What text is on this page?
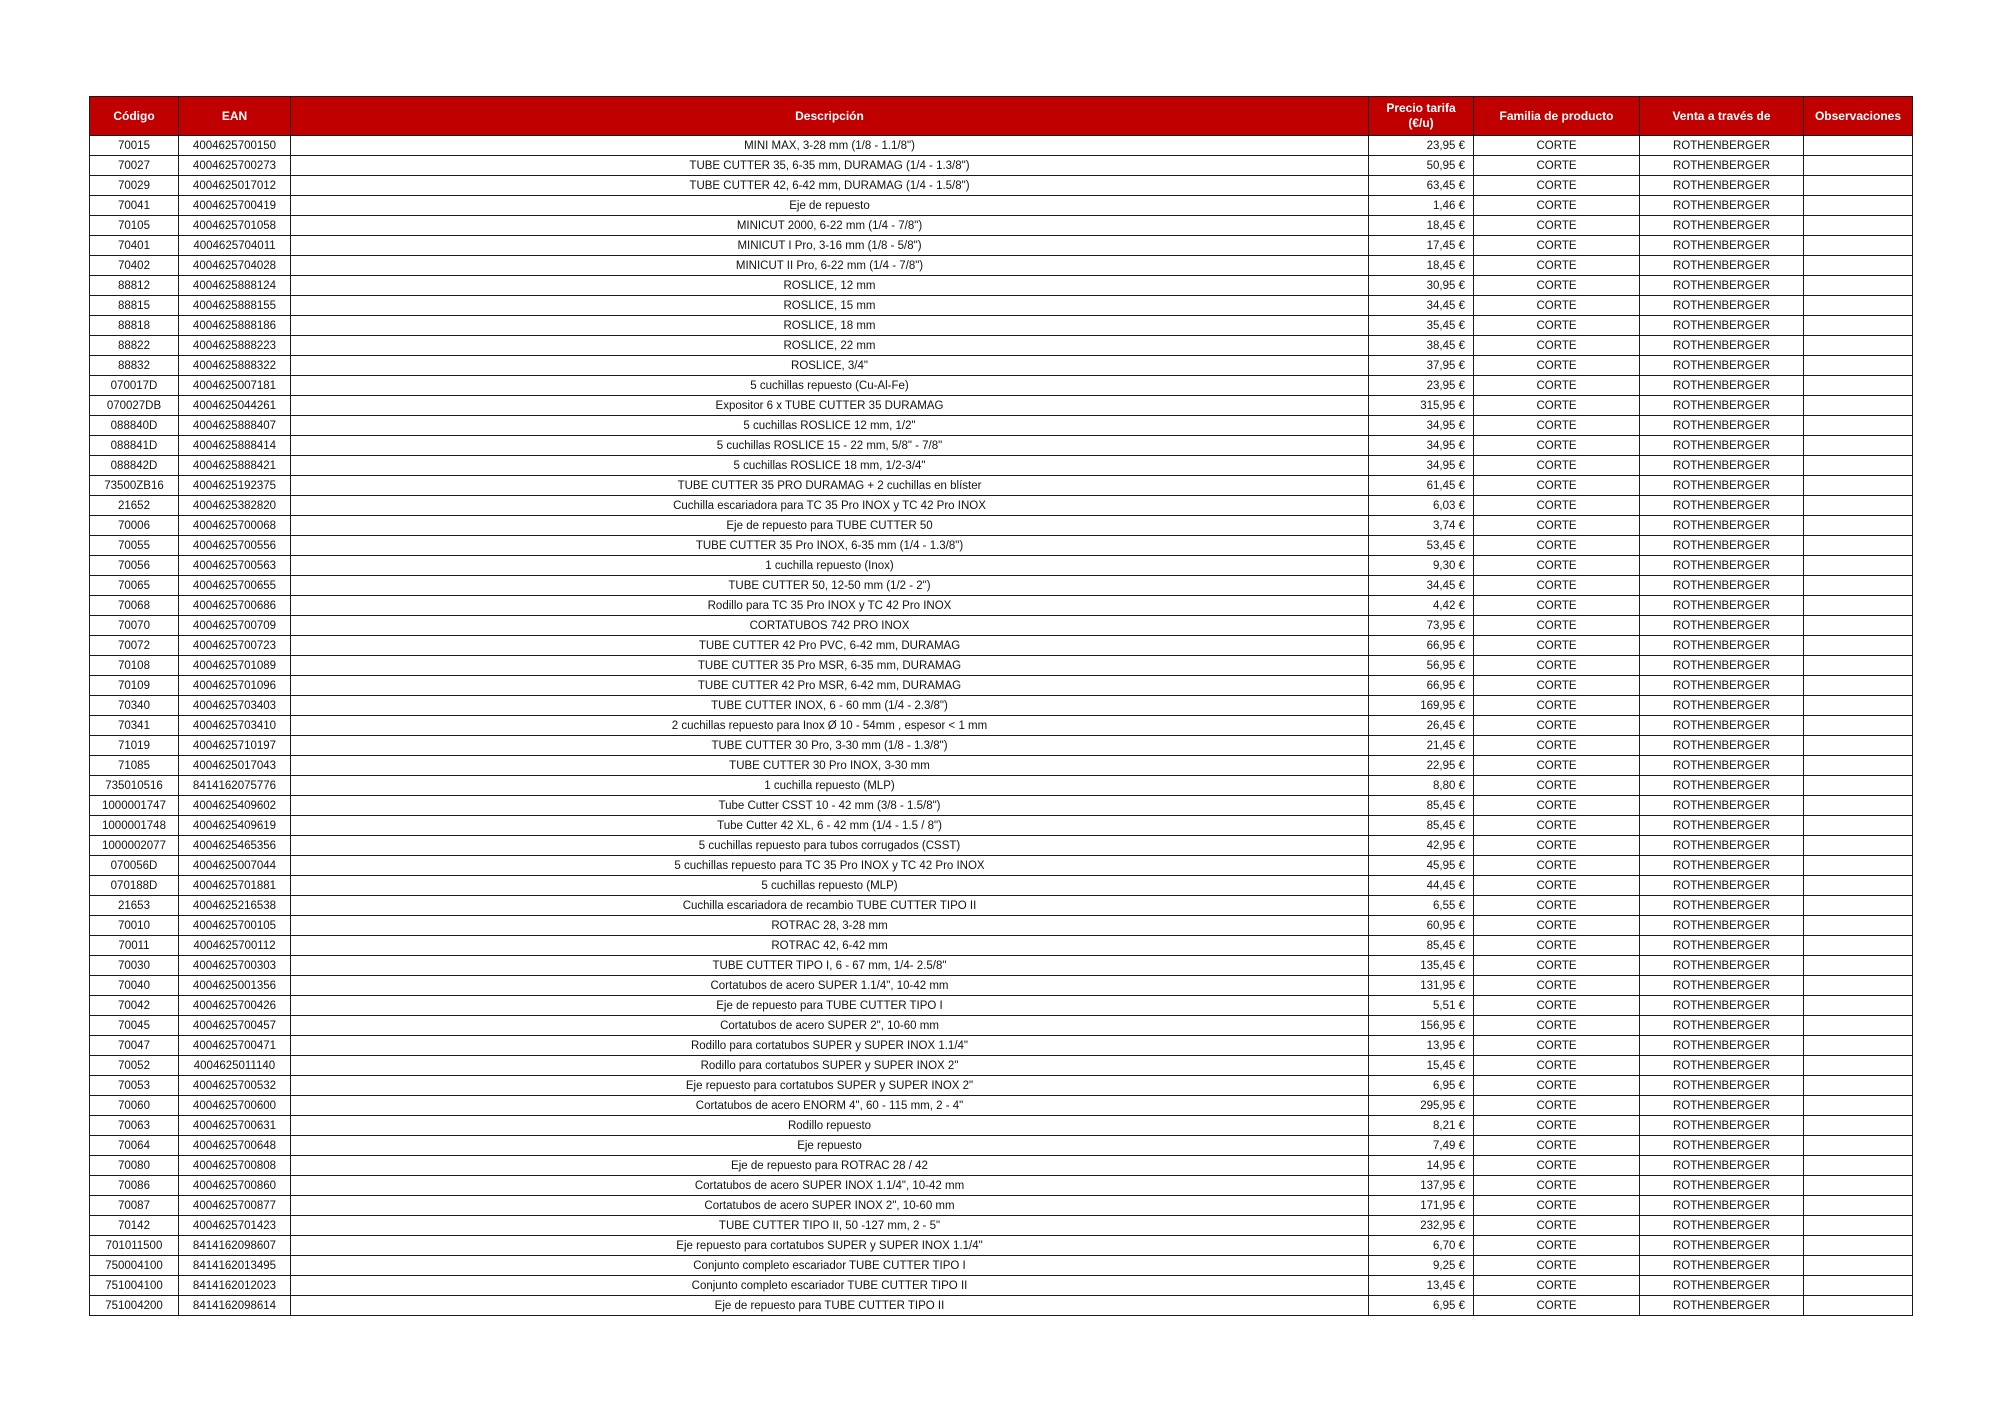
Código	EAN	Descripción	Precio tarifa (€/u)	Familia de producto	Venta a través de	Observaciones
70015	4004625700150	MINI MAX, 3-28 mm (1/8 - 1.1/8")	23,95 €	CORTE	ROTHENBERGER	
70027	4004625700273	TUBE CUTTER 35, 6-35 mm, DURAMAG (1/4 - 1.3/8")	50,95 €	CORTE	ROTHENBERGER	
70029	4004625017012	TUBE CUTTER 42, 6-42 mm, DURAMAG (1/4 - 1.5/8")	63,45 €	CORTE	ROTHENBERGER	
70041	4004625700419	Eje de repuesto	1,46 €	CORTE	ROTHENBERGER	
70105	4004625701058	MINICUT 2000, 6-22 mm (1/4 - 7/8")	18,45 €	CORTE	ROTHENBERGER	
70401	4004625704011	MINICUT I Pro, 3-16 mm (1/8 - 5/8")	17,45 €	CORTE	ROTHENBERGER	
70402	4004625704028	MINICUT II Pro, 6-22 mm (1/4 - 7/8")	18,45 €	CORTE	ROTHENBERGER	
88812	4004625888124	ROSLICE, 12 mm	30,95 €	CORTE	ROTHENBERGER	
88815	4004625888155	ROSLICE, 15 mm	34,45 €	CORTE	ROTHENBERGER	
88818	4004625888186	ROSLICE, 18 mm	35,45 €	CORTE	ROTHENBERGER	
88822	4004625888223	ROSLICE, 22 mm	38,45 €	CORTE	ROTHENBERGER	
88832	4004625888322	ROSLICE, 3/4"	37,95 €	CORTE	ROTHENBERGER	
070017D	4004625007181	5 cuchillas repuesto (Cu-Al-Fe)	23,95 €	CORTE	ROTHENBERGER	
070027DB	4004625044261	Expositor 6 x TUBE CUTTER 35 DURAMAG	315,95 €	CORTE	ROTHENBERGER	
088840D	4004625888407	5 cuchillas ROSLICE 12 mm, 1/2"	34,95 €	CORTE	ROTHENBERGER	
088841D	4004625888414	5 cuchillas ROSLICE 15 - 22 mm, 5/8" - 7/8"	34,95 €	CORTE	ROTHENBERGER	
088842D	4004625888421	5 cuchillas ROSLICE 18 mm, 1/2-3/4"	34,95 €	CORTE	ROTHENBERGER	
73500ZB16	4004625192375	TUBE CUTTER 35 PRO DURAMAG + 2 cuchillas en blíster	61,45 €	CORTE	ROTHENBERGER	
21652	4004625382820	Cuchilla escariadora para TC 35 Pro INOX y TC 42 Pro INOX	6,03 €	CORTE	ROTHENBERGER	
70006	4004625700068	Eje de repuesto para TUBE CUTTER 50	3,74 €	CORTE	ROTHENBERGER	
70055	4004625700556	TUBE CUTTER 35 Pro INOX, 6-35 mm (1/4 - 1.3/8")	53,45 €	CORTE	ROTHENBERGER	
70056	4004625700563	1 cuchilla repuesto (Inox)	9,30 €	CORTE	ROTHENBERGER	
70065	4004625700655	TUBE CUTTER 50, 12-50 mm (1/2 - 2")	34,45 €	CORTE	ROTHENBERGER	
70068	4004625700686	Rodillo para TC 35 Pro INOX y TC 42 Pro INOX	4,42 €	CORTE	ROTHENBERGER	
70070	4004625700709	CORTATUBOS 742 PRO INOX	73,95 €	CORTE	ROTHENBERGER	
70072	4004625700723	TUBE CUTTER 42 Pro PVC, 6-42 mm, DURAMAG	66,95 €	CORTE	ROTHENBERGER	
70108	4004625701089	TUBE CUTTER 35 Pro MSR, 6-35 mm, DURAMAG	56,95 €	CORTE	ROTHENBERGER	
70109	4004625701096	TUBE CUTTER 42 Pro MSR, 6-42 mm, DURAMAG	66,95 €	CORTE	ROTHENBERGER	
70340	4004625703403	TUBE CUTTER INOX, 6 - 60 mm (1/4 - 2.3/8")	169,95 €	CORTE	ROTHENBERGER	
70341	4004625703410	2 cuchillas repuesto para Inox Ø 10 - 54mm , espesor < 1 mm	26,45 €	CORTE	ROTHENBERGER	
71019	4004625710197	TUBE CUTTER 30 Pro, 3-30 mm (1/8 - 1.3/8")	21,45 €	CORTE	ROTHENBERGER	
71085	4004625017043	TUBE CUTTER 30 Pro INOX, 3-30 mm	22,95 €	CORTE	ROTHENBERGER	
735010516	8414162075776	1 cuchilla repuesto (MLP)	8,80 €	CORTE	ROTHENBERGER	
1000001747	4004625409602	Tube Cutter CSST 10 - 42 mm (3/8 - 1.5/8")	85,45 €	CORTE	ROTHENBERGER	
1000001748	4004625409619	Tube Cutter 42 XL, 6 - 42 mm (1/4 - 1.5 / 8")	85,45 €	CORTE	ROTHENBERGER	
1000002077	4004625465356	5 cuchillas repuesto para tubos corrugados (CSST)	42,95 €	CORTE	ROTHENBERGER	
070056D	4004625007044	5 cuchillas repuesto para TC 35 Pro INOX y TC 42 Pro INOX	45,95 €	CORTE	ROTHENBERGER	
070188D	4004625701881	5 cuchillas repuesto (MLP)	44,45 €	CORTE	ROTHENBERGER	
21653	4004625216538	Cuchilla escariadora de recambio TUBE CUTTER TIPO II	6,55 €	CORTE	ROTHENBERGER	
70010	4004625700105	ROTRAC 28, 3-28 mm	60,95 €	CORTE	ROTHENBERGER	
70011	4004625700112	ROTRAC 42, 6-42 mm	85,45 €	CORTE	ROTHENBERGER	
70030	4004625700303	TUBE CUTTER TIPO I, 6 - 67 mm, 1/4- 2.5/8"	135,45 €	CORTE	ROTHENBERGER	
70040	4004625001356	Cortatubos de acero SUPER 1.1/4", 10-42 mm	131,95 €	CORTE	ROTHENBERGER	
70042	4004625700426	Eje de repuesto para TUBE CUTTER TIPO I	5,51 €	CORTE	ROTHENBERGER	
70045	4004625700457	Cortatubos de acero SUPER 2", 10-60 mm	156,95 €	CORTE	ROTHENBERGER	
70047	4004625700471	Rodillo para cortatubos SUPER y SUPER INOX 1.1/4"	13,95 €	CORTE	ROTHENBERGER	
70052	4004625011140	Rodillo para cortatubos SUPER y SUPER INOX 2"	15,45 €	CORTE	ROTHENBERGER	
70053	4004625700532	Eje repuesto para cortatubos SUPER y SUPER INOX 2"	6,95 €	CORTE	ROTHENBERGER	
70060	4004625700600	Cortatubos de acero ENORM 4", 60 - 115 mm, 2 - 4"	295,95 €	CORTE	ROTHENBERGER	
70063	4004625700631	Rodillo repuesto	8,21 €	CORTE	ROTHENBERGER	
70064	4004625700648	Eje repuesto	7,49 €	CORTE	ROTHENBERGER	
70080	4004625700808	Eje de repuesto para ROTRAC 28 / 42	14,95 €	CORTE	ROTHENBERGER	
70086	4004625700860	Cortatubos de acero SUPER INOX 1.1/4", 10-42 mm	137,95 €	CORTE	ROTHENBERGER	
70087	4004625700877	Cortatubos de acero SUPER INOX 2", 10-60 mm	171,95 €	CORTE	ROTHENBERGER	
70142	4004625701423	TUBE CUTTER TIPO II, 50 -127 mm, 2 - 5"	232,95 €	CORTE	ROTHENBERGER	
701011500	8414162098607	Eje repuesto para cortatubos SUPER y SUPER INOX 1.1/4"	6,70 €	CORTE	ROTHENBERGER	
750004100	8414162013495	Conjunto completo escariador TUBE CUTTER TIPO I	9,25 €	CORTE	ROTHENBERGER	
751004100	8414162012023	Conjunto completo escariador TUBE CUTTER TIPO II	13,45 €	CORTE	ROTHENBERGER	
751004200	8414162098614	Eje de repuesto para TUBE CUTTER TIPO II	6,95 €	CORTE	ROTHENBERGER	
